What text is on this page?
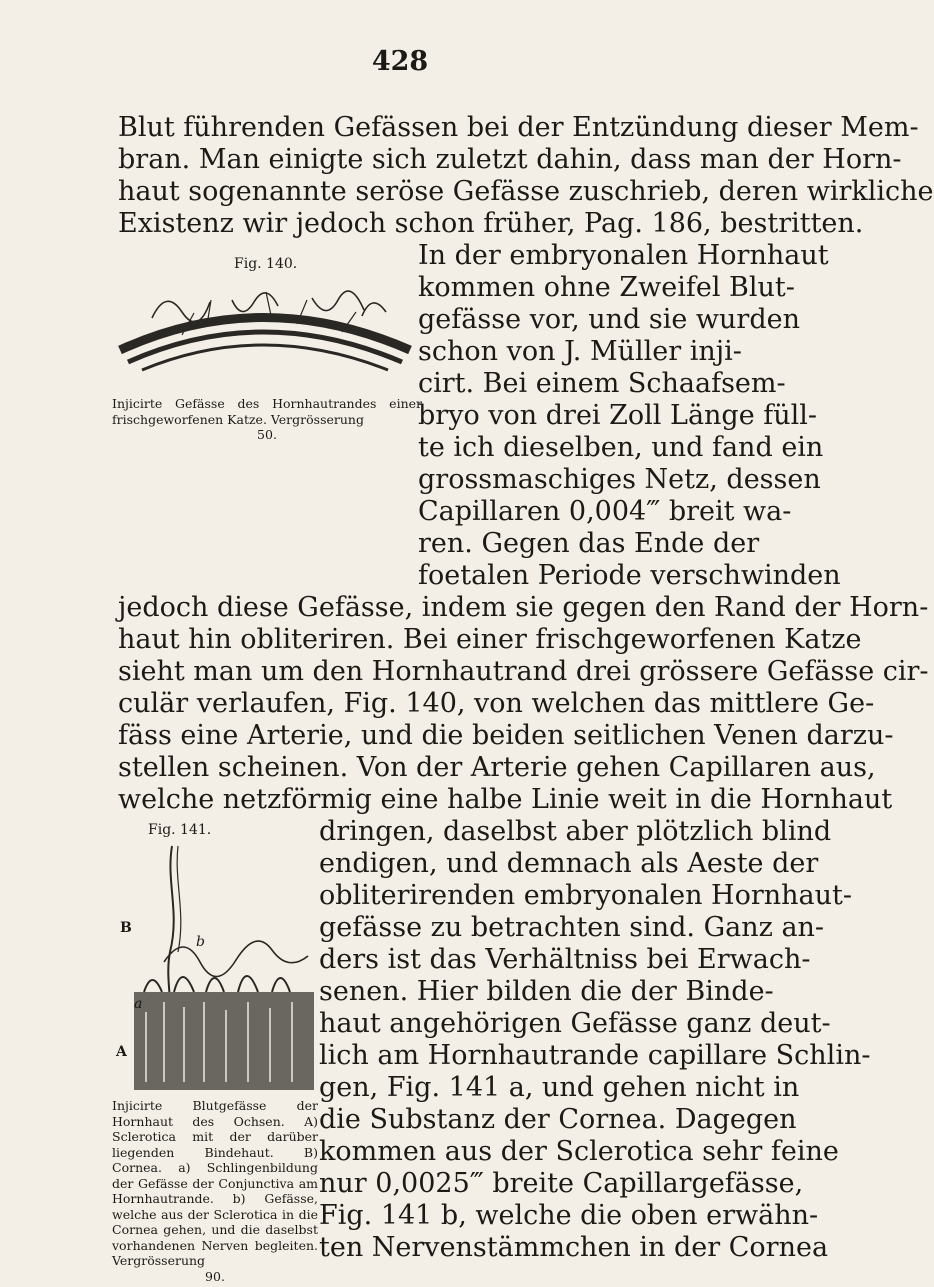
428
Blut führenden Gefässen bei der Entzündung dieser Mem-
bran. Man einigte sich zuletzt dahin, dass man der Horn-
haut sogenannte seröse Gefässe zuschrieb, deren wirkliche
Existenz wir jedoch schon früher, Pag. 186, bestritten.
Fig. 140.
Injicirte Gefässe des Hornhautrandes einer frischgeworfenen Katze. Vergrösserung
50.
In der embryonalen Hornhaut
kommen ohne Zweifel Blut-
gefässe vor, und sie wurden
schon von J. Müller inji-
cirt. Bei einem Schaafsem-
bryo von drei Zoll Länge füll-
te ich dieselben, und fand ein
grossmaschiges Netz, dessen
Capillaren 0,004‴ breit wa-
ren. Gegen das Ende der
foetalen Periode verschwinden
jedoch diese Gefässe, indem sie gegen den Rand der Horn-
haut hin obliteriren. Bei einer frischgeworfenen Katze
sieht man um den Hornhautrand drei grössere Gefässe cir-
culär verlaufen, Fig. 140, von welchen das mittlere Ge-
fäss eine Arterie, und die beiden seitlichen Venen darzu-
stellen scheinen. Von der Arterie gehen Capillaren aus,
welche netzförmig eine halbe Linie weit in die Hornhaut
Fig. 141.
B
b
a
A
Injicirte Blutgefässe der Hornhaut des Ochsen. A) Sclerotica mit der darüber liegenden Bindehaut. B) Cornea. a) Schlingenbildung der Gefässe der Conjunctiva am Hornhautrande. b) Gefässe, welche aus der Sclerotica in die Cornea gehen, und die daselbst vorhandenen Nerven begleiten. Vergrösserung
90.
dringen, daselbst aber plötzlich blind
endigen, und demnach als Aeste der
obliterirenden embryonalen Hornhaut-
gefässe zu betrachten sind. Ganz an-
ders ist das Verhältniss bei Erwach-
senen. Hier bilden die der Binde-
haut angehörigen Gefässe ganz deut-
lich am Hornhautrande capillare Schlin-
gen, Fig. 141 a, und gehen nicht in
die Substanz der Cornea. Dagegen
kommen aus der Sclerotica sehr feine
nur 0,0025‴ breite Capillargefässe,
Fig. 141 b, welche die oben erwähn-
ten Nervenstämmchen in der Cornea
